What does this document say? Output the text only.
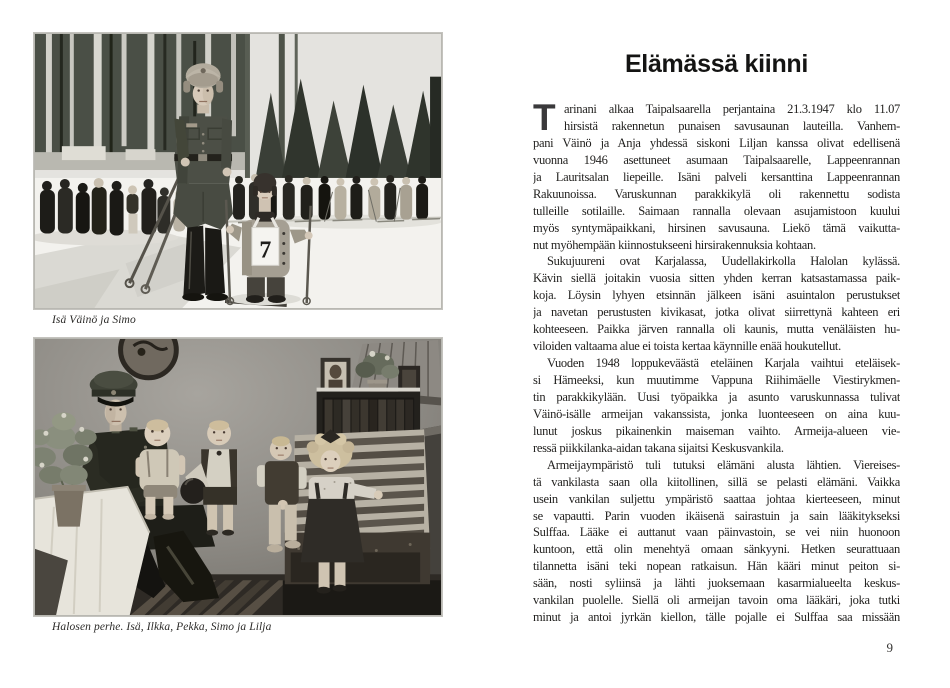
7
Isä Väinö ja Simo
Halosen perhe. Isä, Ilkka, Pekka, Simo ja Lilja
Elämässä kiinni
T arinani alkaa Taipalsaarella perjantaina 21.3.1947 klo 11.07
hirsistä rakennetun punaisen savusaunan lauteilla. Vanhem-
pani Väinö ja Anja yhdessä siskoni Liljan kanssa olivat edellisenä
vuonna 1946 asettuneet asumaan Taipalsaarelle, Lappeenrannan
ja Lauritsalan liepeille. Isäni palveli kersanttina Lappeenrannan
Rakuunoissa. Varuskunnan parakkikylä oli rakennettu sodista
tulleille sotilaille. Saimaan rannalla olevaan asujamistoon kuului
myös syntymäpaikkani, hirsinen savusauna. Liekö tämä vaikutta-
nut myöhempään kiinnostukseeni hirsirakennuksia kohtaan.
Sukujuureni ovat Karjalassa, Uudellakirkolla Halolan kylässä.
Kävin siellä joitakin vuosia sitten yhden kerran katsastamassa paik-
koja. Löysin lyhyen etsinnän jälkeen isäni asuintalon perustukset
ja navetan perustusten kivikasat, jotka olivat siirrettynä kahteen eri
kohteeseen. Paikka järven rannalla oli kaunis, mutta venäläisten hu-
viloiden valtaama alue ei toista kertaa käynnille enää houkutellut.
Vuoden 1948 loppukeväästä eteläinen Karjala vaihtui eteläisek-
si Hämeeksi, kun muutimme Vappuna Riihimäelle Viestirykmen-
tin parakkikylään. Uusi työpaikka ja asunto varuskunnassa tulivat
Väinö-isälle armeijan vakanssista, jonka luonteeseen on aina kuu-
lunut joskus pikainenkin maiseman vaihto. Armeija-alueen vie-
ressä piikkilanka-aidan takana sijaitsi Keskusvankila.
Armeijaympäristö tuli tutuksi elämäni alusta lähtien. Viereises-
tä vankilasta saan olla kiitollinen, sillä se pelasti elämäni. Vaikka
usein vankilan suljettu ympäristö saattaa johtaa kierteeseen, minut
se vapautti. Parin vuoden ikäisenä sairastuin ja sain lääkitykseksi
Sulffaa. Lääke ei auttanut vaan päinvastoin, se vei niin huonoon
kuntoon, että olin menehtyä omaan sänkyyni. Hetken seurattuaan
tilannetta isäni teki nopean ratkaisun. Hän kääri minut peiton si-
sään, nosti syliinsä ja lähti juoksemaan kasarmialueelta keskus-
vankilan puolelle. Siellä oli armeijan tavoin oma lääkäri, joka tutki
minut ja antoi jyrkän kiellon, tälle pojalle ei Sulffaa saa missään
9
